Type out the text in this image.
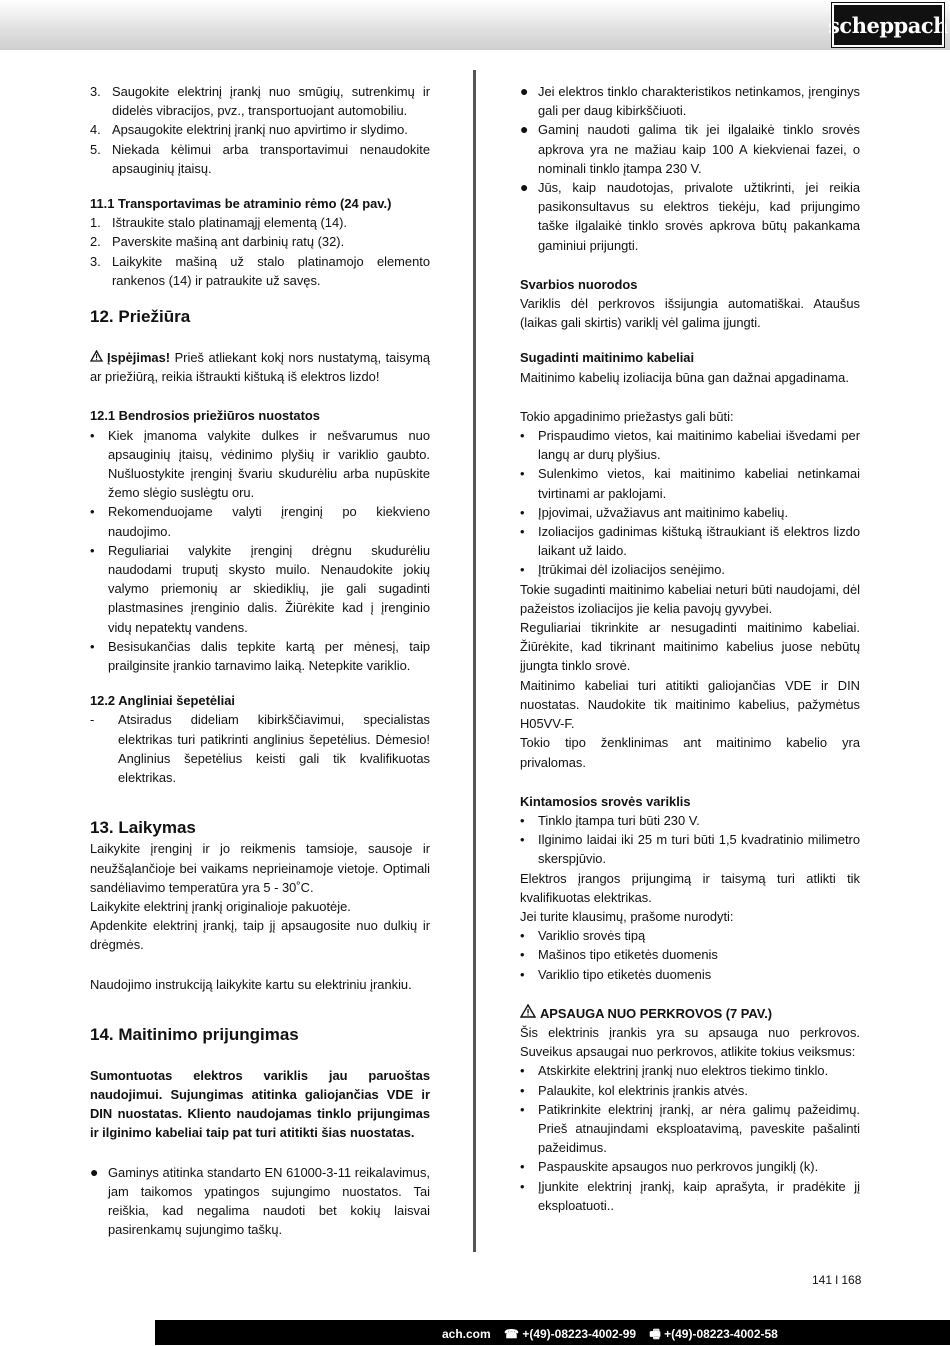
scheppach
3. Saugokite elektrinį įrankį nuo smūgių, sutrenkimų ir didelės vibracijos, pvz., transportuojant automobiliu.
4. Apsaugokite elektrinį įrankį nuo apvirtimo ir slydimo.
5. Niekada kėlimui arba transportavimui nenaudokite apsauginių įtaisų.

11.1 Transportavimas be atraminio rėmo (24 pav.)

1. Ištraukite stalo platinamąjį elementą (14).
2. Paverskite mašiną ant darbinių ratų (32).
3. Laikykite mašiną už stalo platinamojo elemento rankenos (14) ir patraukite už savęs.

12. Priežiūra

Įspėjimas! Prieš atliekant kokį nors nustatymą, taisymą ar priežiūrą, reikia ištraukti kištuką iš elektros lizdo!

12.1 Bendrosios priežiūros nuostatos

•	Kiek įmanoma valykite dulkes ir nešvarumus nuo apsauginių įtaisų, vėdinimo plyšių ir variklio gaubto. Nušluostykite įrenginį švariu skudurėliu arba nupūskite žemo slėgio suslėgtu oru.
•	Rekomenduojame valyti įrenginį po kiekvieno naudojimo.
•	Reguliariai valykite įrenginį drėgnu skudurėliu naudodami truputį skysto muilo. Nenaudokite jokių valymo priemonių ar skiediklių, jie gali sugadinti plastmasines įrenginio dalis. Žiūrėkite kad į įrenginio vidų nepatektų vandens.
•	Besisukančias dalis tepkite kartą per mėnesį, taip prailginsite įrankio tarnavimo laiką. Netepkite variklio.

12.2 Angliniai šepetėliai

-	Atsiradus dideliam kibirkščiavimui, specialistas elektrikas turi patikrinti anglinius šepetėlius. Dėmesio! Anglinius šepetėlius keisti gali tik kvalifikuotas elektrikas.

13. Laikymas

Laikykite įrenginį ir jo reikmenis tamsioje, sausoje ir neužšąlančioje bei vaikams neprieinamoje vietoje. Optimali sandėliavimo temperatūra yra 5 - 30˚C.

Laikykite elektrinį įrankį originalioje pakuotėje.

Apdenkite elektrinį įrankį, taip jį apsaugosite nuo dulkių ir drėgmės.

Naudojimo instrukciją laikykite kartu su elektriniu įrankiu.

14. Maitinimo prijungimas

Sumontuotas elektros variklis jau paruoštas naudojimui. Sujungimas atitinka galiojančias VDE ir DIN nuostatas. Kliento naudojamas tinklo prijungimas ir ilginimo kabeliai taip pat turi atitikti šias nuostatas.

● Gaminys atitinka standarto EN 61000-3-11 reikalavimus, jam taikomos ypatingos sujungimo nuostatos. Tai reiškia, kad negalima naudoti bet kokių laisvai pasirenkamų sujungimo taškų.
● Jei elektros tinklo charakteristikos netinkamos, įrenginys gali per daug kibirkščiuoti.
● Gaminį naudoti galima tik jei ilgalaikė tinklo srovės apkrova yra ne mažiau kaip 100 A kiekvienai fazei, o nominali tinklo įtampa 230 V.
● Jūs, kaip naudotojas, privalote užtikrinti, jei reikia pasikonsultavus su elektros tiekėju, kad prijungimo taške ilgalaikė tinklo srovės apkrova būtų pakankama gaminiui prijungti.

Svarbios nuorodos

Variklis dėl perkrovos išsijungia automatiškai. Ataušus (laikas gali skirtis) variklį vėl galima įjungti.

Sugadinti maitinimo kabeliai

Maitinimo kabelių izoliacija būna gan dažnai apgadinama.

Tokio apgadinimo priežastys gali būti:

•	Prispaudimo vietos, kai maitinimo kabeliai išvedami per langų ar durų plyšius.
•	Sulenkimo vietos, kai maitinimo kabeliai netinkamai tvirtinami ar paklojami.
•	Įpjovimai, užvažiavus ant maitinimo kabelių.
•	Izoliacijos gadinimas kištuką ištraukiant iš elektros lizdo laikant už laido.
•	Įtrūkimai dėl izoliacijos senėjimo.

Tokie sugadinti maitinimo kabeliai neturi būti naudojami, dėl pažeistos izoliacijos jie kelia pavojų gyvybei.

Reguliariai tikrinkite ar nesugadinti maitinimo kabeliai. Žiūrėkite, kad tikrinant maitinimo kabelius juose nebūtų įjungta tinklo srovė.

Maitinimo kabeliai turi atitikti galiojančias VDE ir DIN nuostatas. Naudokite tik maitinimo kabelius, pažymėtus H05VV-F.

Tokio tipo ženklinimas ant maitinimo kabelio yra privalomas.

Kintamosios srovės variklis

•	Tinklo įtampa turi būti 230 V.
•	Ilginimo laidai iki 25 m turi būti 1,5 kvadratinio milimetro skerspjūvio.

Elektros įrangos prijungimą ir taisymą turi atlikti tik kvalifikuotas elektrikas.

Jei turite klausimų, prašome nurodyti:

•	Variklio srovės tipą
•	Mašinos tipo etiketės duomenis
•	Variklio tipo etiketės duomenis

APSAUGA NUO PERKROVOS (7 PAV.)

Šis elektrinis įrankis yra su apsauga nuo perkrovos. Suveikus apsaugai nuo perkrovos, atlikite tokius veiksmus:

•	Atskirkite elektrinį įrankį nuo elektros tiekimo tinklo.
•	Palaukite, kol elektrinis įrankis atvės.
•	Patikrinkite elektrinį įrankį, ar nėra galimų pažeidimų. Prieš atnaujindami eksploatavimą, paveskite pašalinti pažeidimus.
•	Paspauskite apsaugos nuo perkrovos jungiklį (k).
•	Įjunkite elektrinį įrankį, kaip aprašyta, ir pradėkite jį eksploatuoti..
141 l 168
ach.com ☎ +(49)-08223-4002-99 🖷 +(49)-08223-4002-58
